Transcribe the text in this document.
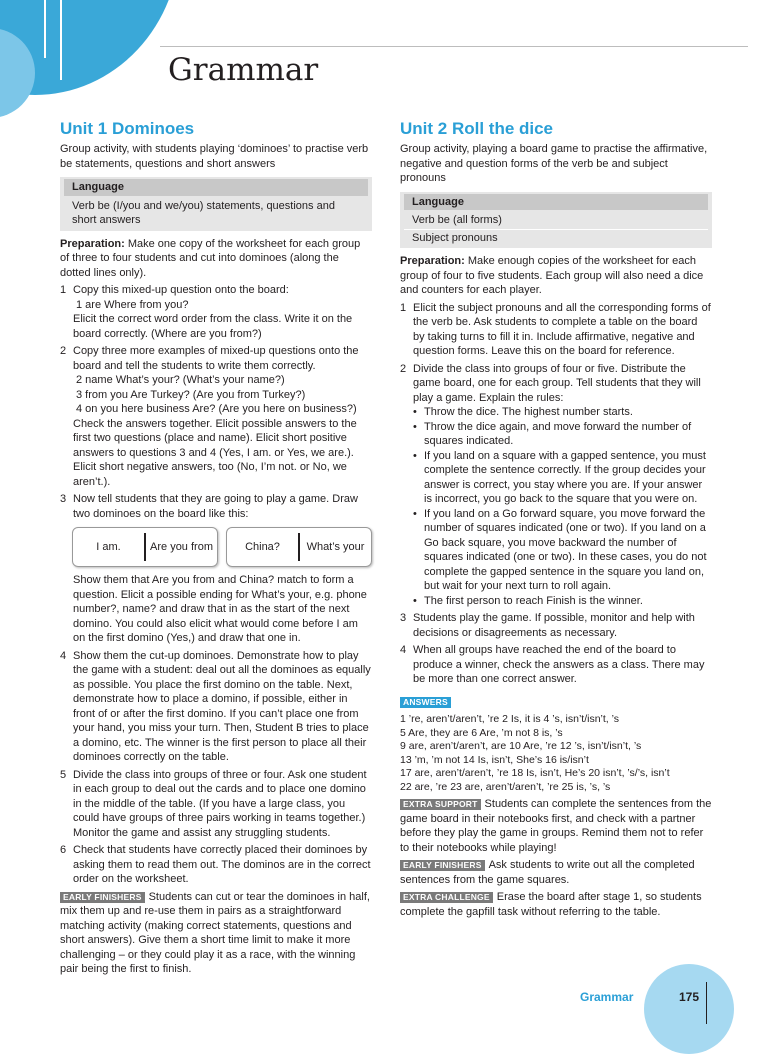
Grammar
Unit 1 Dominoes

Group activity, with students playing ‘dominoes’ to practise verb be statements, questions and short answers

Language
Verb be (I/you and we/you) statements, questions and short answers

Preparation: Make one copy of the worksheet for each group of three to four students and cut into dominoes (along the dotted lines only).

1 Copy this mixed-up question onto the board:
1 are Where from you?
Elicit the correct word order from the class. Write it on the board correctly. (Where are you from?)
2 Copy three more examples of mixed-up questions onto the board and tell the students to write them correctly.
2 name What’s your? (What’s your name?)
3 from you Are Turkey? (Are you from Turkey?)
4 on you here business Are? (Are you here on business?)
Check the answers together. Elicit possible answers to the first two questions (place and name). Elicit short positive answers to questions 3 and 4 (Yes, I am. or Yes, we are.). Elicit short negative answers, too (No, I’m not. or No, we aren’t.).
3 Now tell students that they are going to play a game. Draw two dominoes on the board like this:
I am.	Are you from	China?	What’s your
Show them that Are you from and China? match to form a question. Elicit a possible ending for What’s your, e.g. phone number?, name? and draw that in as the start of the next domino. You could also elicit what would come before I am on the first domino (Yes,) and draw that one in.
4 Show them the cut-up dominoes. Demonstrate how to play the game with a student: deal out all the dominoes as equally as possible. You place the first domino on the table. Next, demonstrate how to place a domino, if possible, either in front of or after the first domino. If you can’t place one from your hand, you miss your turn. Then, Student B tries to place a domino, etc. The winner is the first person to place all their dominoes correctly on the table.
5 Divide the class into groups of three or four. Ask one student in each group to deal out the cards and to place one domino in the middle of the table. (If you have a large class, you could have groups of three pairs working in teams together.) Monitor the game and assist any struggling students.
6 Check that students have correctly placed their dominoes by asking them to read them out. The dominos are in the correct order on the worksheet.

EARLY FINISHERS Students can cut or tear the dominoes in half, mix them up and re-use them in pairs as a straightforward matching activity (making correct statements, questions and short answers). Give them a short time limit to make it more challenging – or they could play it as a race, with the winning pair being the first to finish.

Unit 2 Roll the dice

Group activity, playing a board game to practise the affirmative, negative and question forms of the verb be and subject pronouns

Language
Verb be (all forms)
Subject pronouns

Preparation: Make enough copies of the worksheet for each group of four to five students. Each group will also need a dice and counters for each player.

1 Elicit the subject pronouns and all the corresponding forms of the verb be. Ask students to complete a table on the board by taking turns to fill it in. Include affirmative, negative and question forms. Leave this on the board for reference.
2 Divide the class into groups of four or five. Distribute the game board, one for each group. Tell students that they will play a game. Explain the rules:
• Throw the dice. The highest number starts.
• Throw the dice again, and move forward the number of squares indicated.
• If you land on a square with a gapped sentence, you must complete the sentence correctly. If the group decides your answer is correct, you stay where you are. If your answer is incorrect, you go back to the square that you were on.
• If you land on a Go forward square, you move forward the number of squares indicated (one or two). If you land on a Go back square, you move backward the number of squares indicated (one or two). In these cases, you do not complete the gapped sentence in the square you land on, but wait for your next turn to roll again.
• The first person to reach Finish is the winner.
3 Students play the game. If possible, monitor and help with decisions or disagreements as necessary.
4 When all groups have reached the end of the board to produce a winner, check the answers as a class. There may be more than one correct answer.
ANSWERS
1 ’re, aren’t/aren’t, ’re 2 Is, it is 4 ’s, isn’t/isn’t, ’s
5 Are, they are 6 Are, ’m not 8 is, ’s
9 are, aren’t/aren’t, are 10 Are, ’re 12 ’s, isn’t/isn’t, ’s
13 ’m, ’m not 14 Is, isn’t, She’s 16 is/isn’t
17 are, aren’t/aren’t, ’re 18 Is, isn’t, He’s 20 isn’t, ’s/’s, isn’t
22 are, ’re 23 are, aren’t/aren’t, ’re 25 is, ’s, ’s

EXTRA SUPPORT Students can complete the sentences from the game board in their notebooks first, and check with a partner before they play the game in groups. Remind them not to refer to their notebooks while playing!

EARLY FINISHERS Ask students to write out all the completed sentences from the game squares.

EXTRA CHALLENGE Erase the board after stage 1, so students complete the gapfill task without referring to the table.

Grammar	175
